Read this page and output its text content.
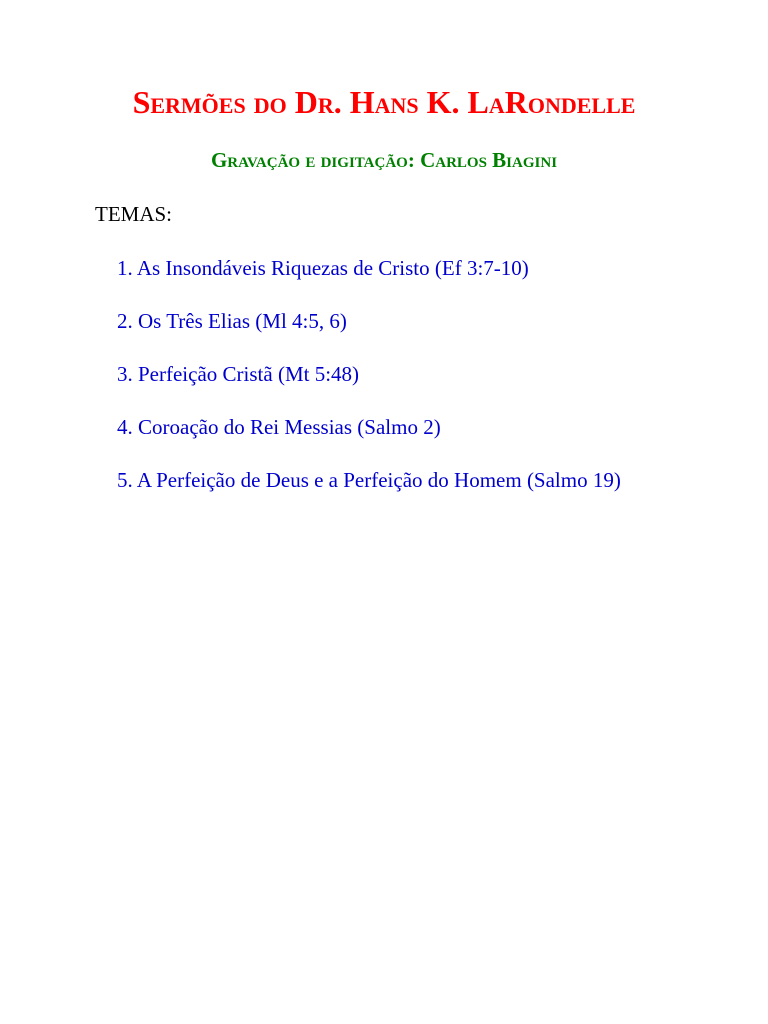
Sermões do Dr. Hans K. LaRondelle
Gravação e digitação: Carlos Biagini

TEMAS:

1. As Insondáveis Riquezas de Cristo (Ef 3:7-10)
2. Os Três Elias (Ml 4:5, 6)
3. Perfeição Cristã (Mt 5:48)
4. Coroação do Rei Messias (Salmo 2)
5. A Perfeição de Deus e a Perfeição do Homem (Salmo 19)
